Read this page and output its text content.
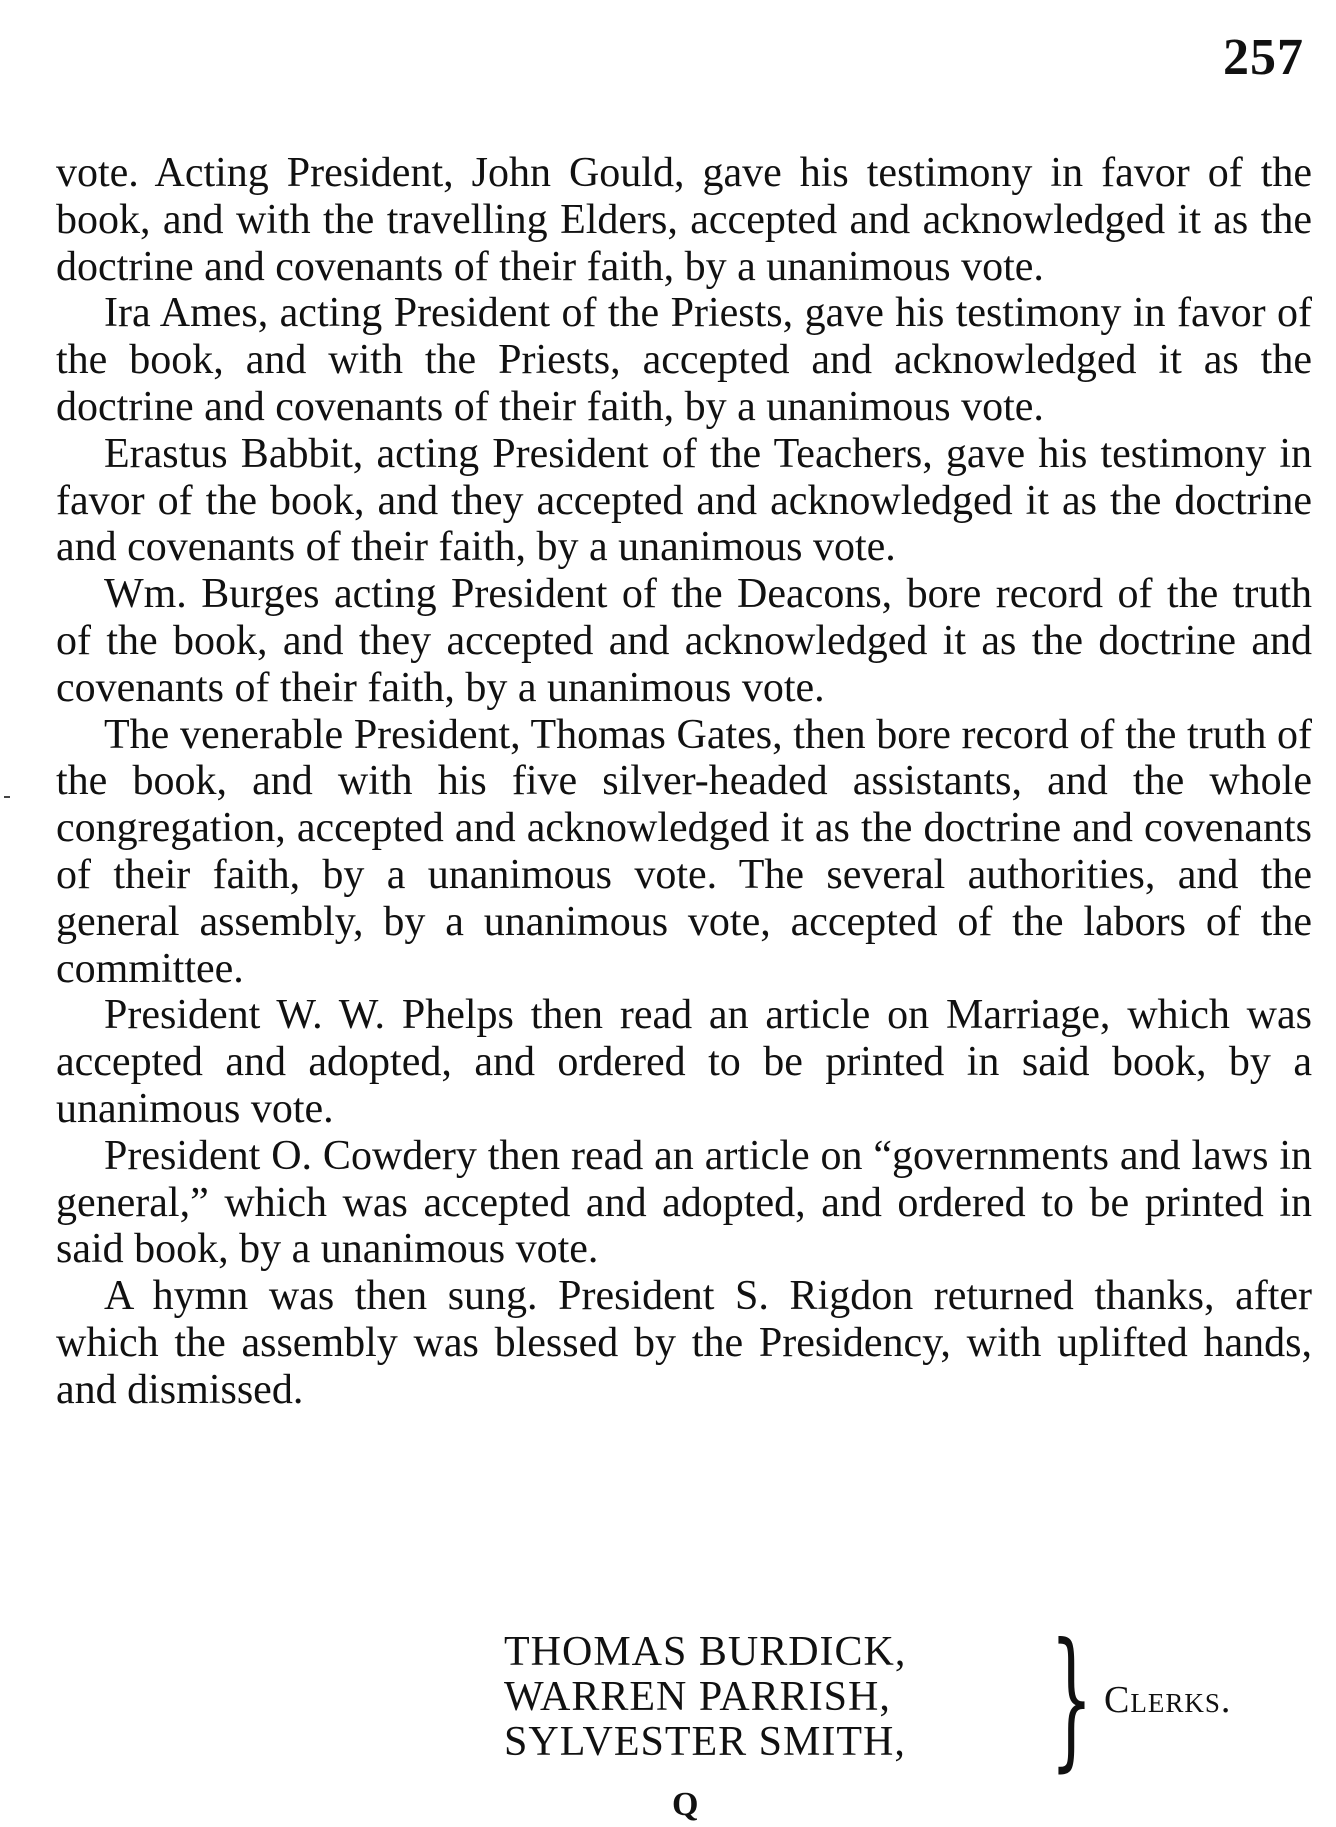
257

vote. Acting President, John Gould, gave his testimony in favor of the book, and with the travelling Elders, accepted and acknowledged it as the doctrine and covenants of their faith, by a unanimous vote.

Ira Ames, acting President of the Priests, gave his testimony in favor of the book, and with the Priests, accepted and acknowledged it as the doctrine and covenants of their faith, by a unanimous vote.

Erastus Babbit, acting President of the Teachers, gave his testimony in favor of the book, and they accepted and acknowledged it as the doctrine and covenants of their faith, by a unanimous vote.

Wm. Burges acting President of the Deacons, bore record of the truth of the book, and they accepted and acknowledged it as the doctrine and covenants of their faith, by a unanimous vote.

The venerable President, Thomas Gates, then bore record of the truth of the book, and with his five silver-headed assistants, and the whole congregation, accepted and acknowledged it as the doctrine and covenants of their faith, by a unanimous vote. The several authorities, and the general assembly, by a unanimous vote, accepted of the labors of the committee.

President W. W. Phelps then read an article on Marriage, which was accepted and adopted, and ordered to be printed in said book, by a unanimous vote.

President O. Cowdery then read an article on “governments and laws in general,” which was accepted and adopted, and ordered to be printed in said book, by a unanimous vote.

A hymn was then sung. President S. Rigdon returned thanks, after which the assembly was blessed by the Presidency, with uplifted hands, and dismissed.

THOMAS BURDICK,
WARREN PARRISH,
SYLVESTER SMITH, } Clerks.
Q
